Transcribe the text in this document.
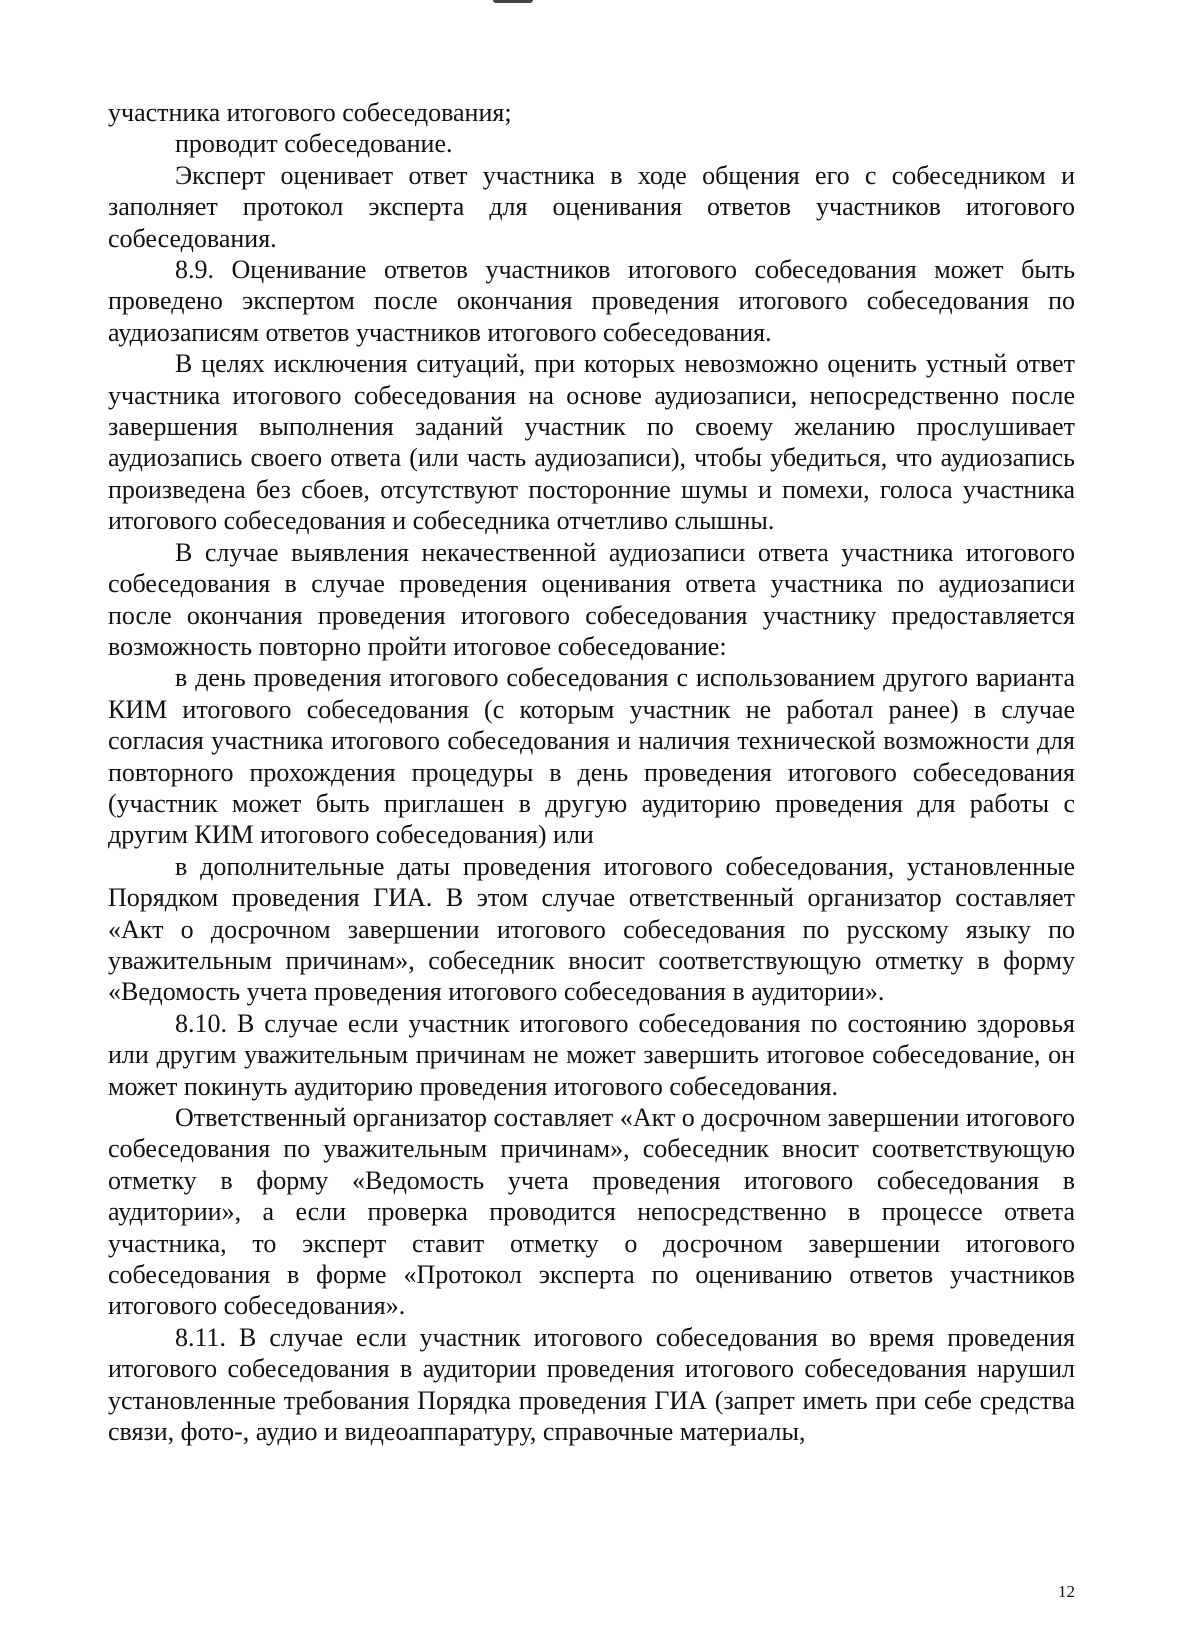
участника итогового собеседования;

проводит собеседование.

Эксперт оценивает ответ участника в ходе общения его с собеседником и заполняет протокол эксперта для оценивания ответов участников итогового собеседования.

8.9. Оценивание ответов участников итогового собеседования может быть проведено экспертом после окончания проведения итогового собеседования по аудиозаписям ответов участников итогового собеседования.

В целях исключения ситуаций, при которых невозможно оценить устный ответ участника итогового собеседования на основе аудиозаписи, непосредственно после завершения выполнения заданий участник по своему желанию прослушивает аудиозапись своего ответа (или часть аудиозаписи), чтобы убедиться, что аудиозапись произведена без сбоев, отсутствуют посторонние шумы и помехи, голоса участника итогового собеседования и собеседника отчетливо слышны.

В случае выявления некачественной аудиозаписи ответа участника итогового собеседования в случае проведения оценивания ответа участника по аудиозаписи после окончания проведения итогового собеседования участнику предоставляется возможность повторно пройти итоговое собеседование:

в день проведения итогового собеседования с использованием другого варианта КИМ итогового собеседования (с которым участник не работал ранее) в случае согласия участника итогового собеседования и наличия технической возможности для повторного прохождения процедуры в день проведения итогового собеседования (участник может быть приглашен в другую аудиторию проведения для работы с другим КИМ итогового собеседования) или

в дополнительные даты проведения итогового собеседования, установленные Порядком проведения ГИА. В этом случае ответственный организатор составляет «Акт о досрочном завершении итогового собеседования по русскому языку по уважительным причинам», собеседник вносит соответствующую отметку в форму «Ведомость учета проведения итогового собеседования в аудитории».

8.10. В случае если участник итогового собеседования по состоянию здоровья или другим уважительным причинам не может завершить итоговое собеседование, он может покинуть аудиторию проведения итогового собеседования.

Ответственный организатор составляет «Акт о досрочном завершении итогового собеседования по уважительным причинам», собеседник вносит соответствующую отметку в форму «Ведомость учета проведения итогового собеседования в аудитории», а если проверка проводится непосредственно в процессе ответа участника, то эксперт ставит отметку о досрочном завершении итогового собеседования в форме «Протокол эксперта по оцениванию ответов участников итогового собеседования».

8.11. В случае если участник итогового собеседования во время проведения итогового собеседования в аудитории проведения итогового собеседования нарушил установленные требования Порядка проведения ГИА (запрет иметь при себе средства связи, фото-, аудио и видеоаппаратуру, справочные материалы,

12
